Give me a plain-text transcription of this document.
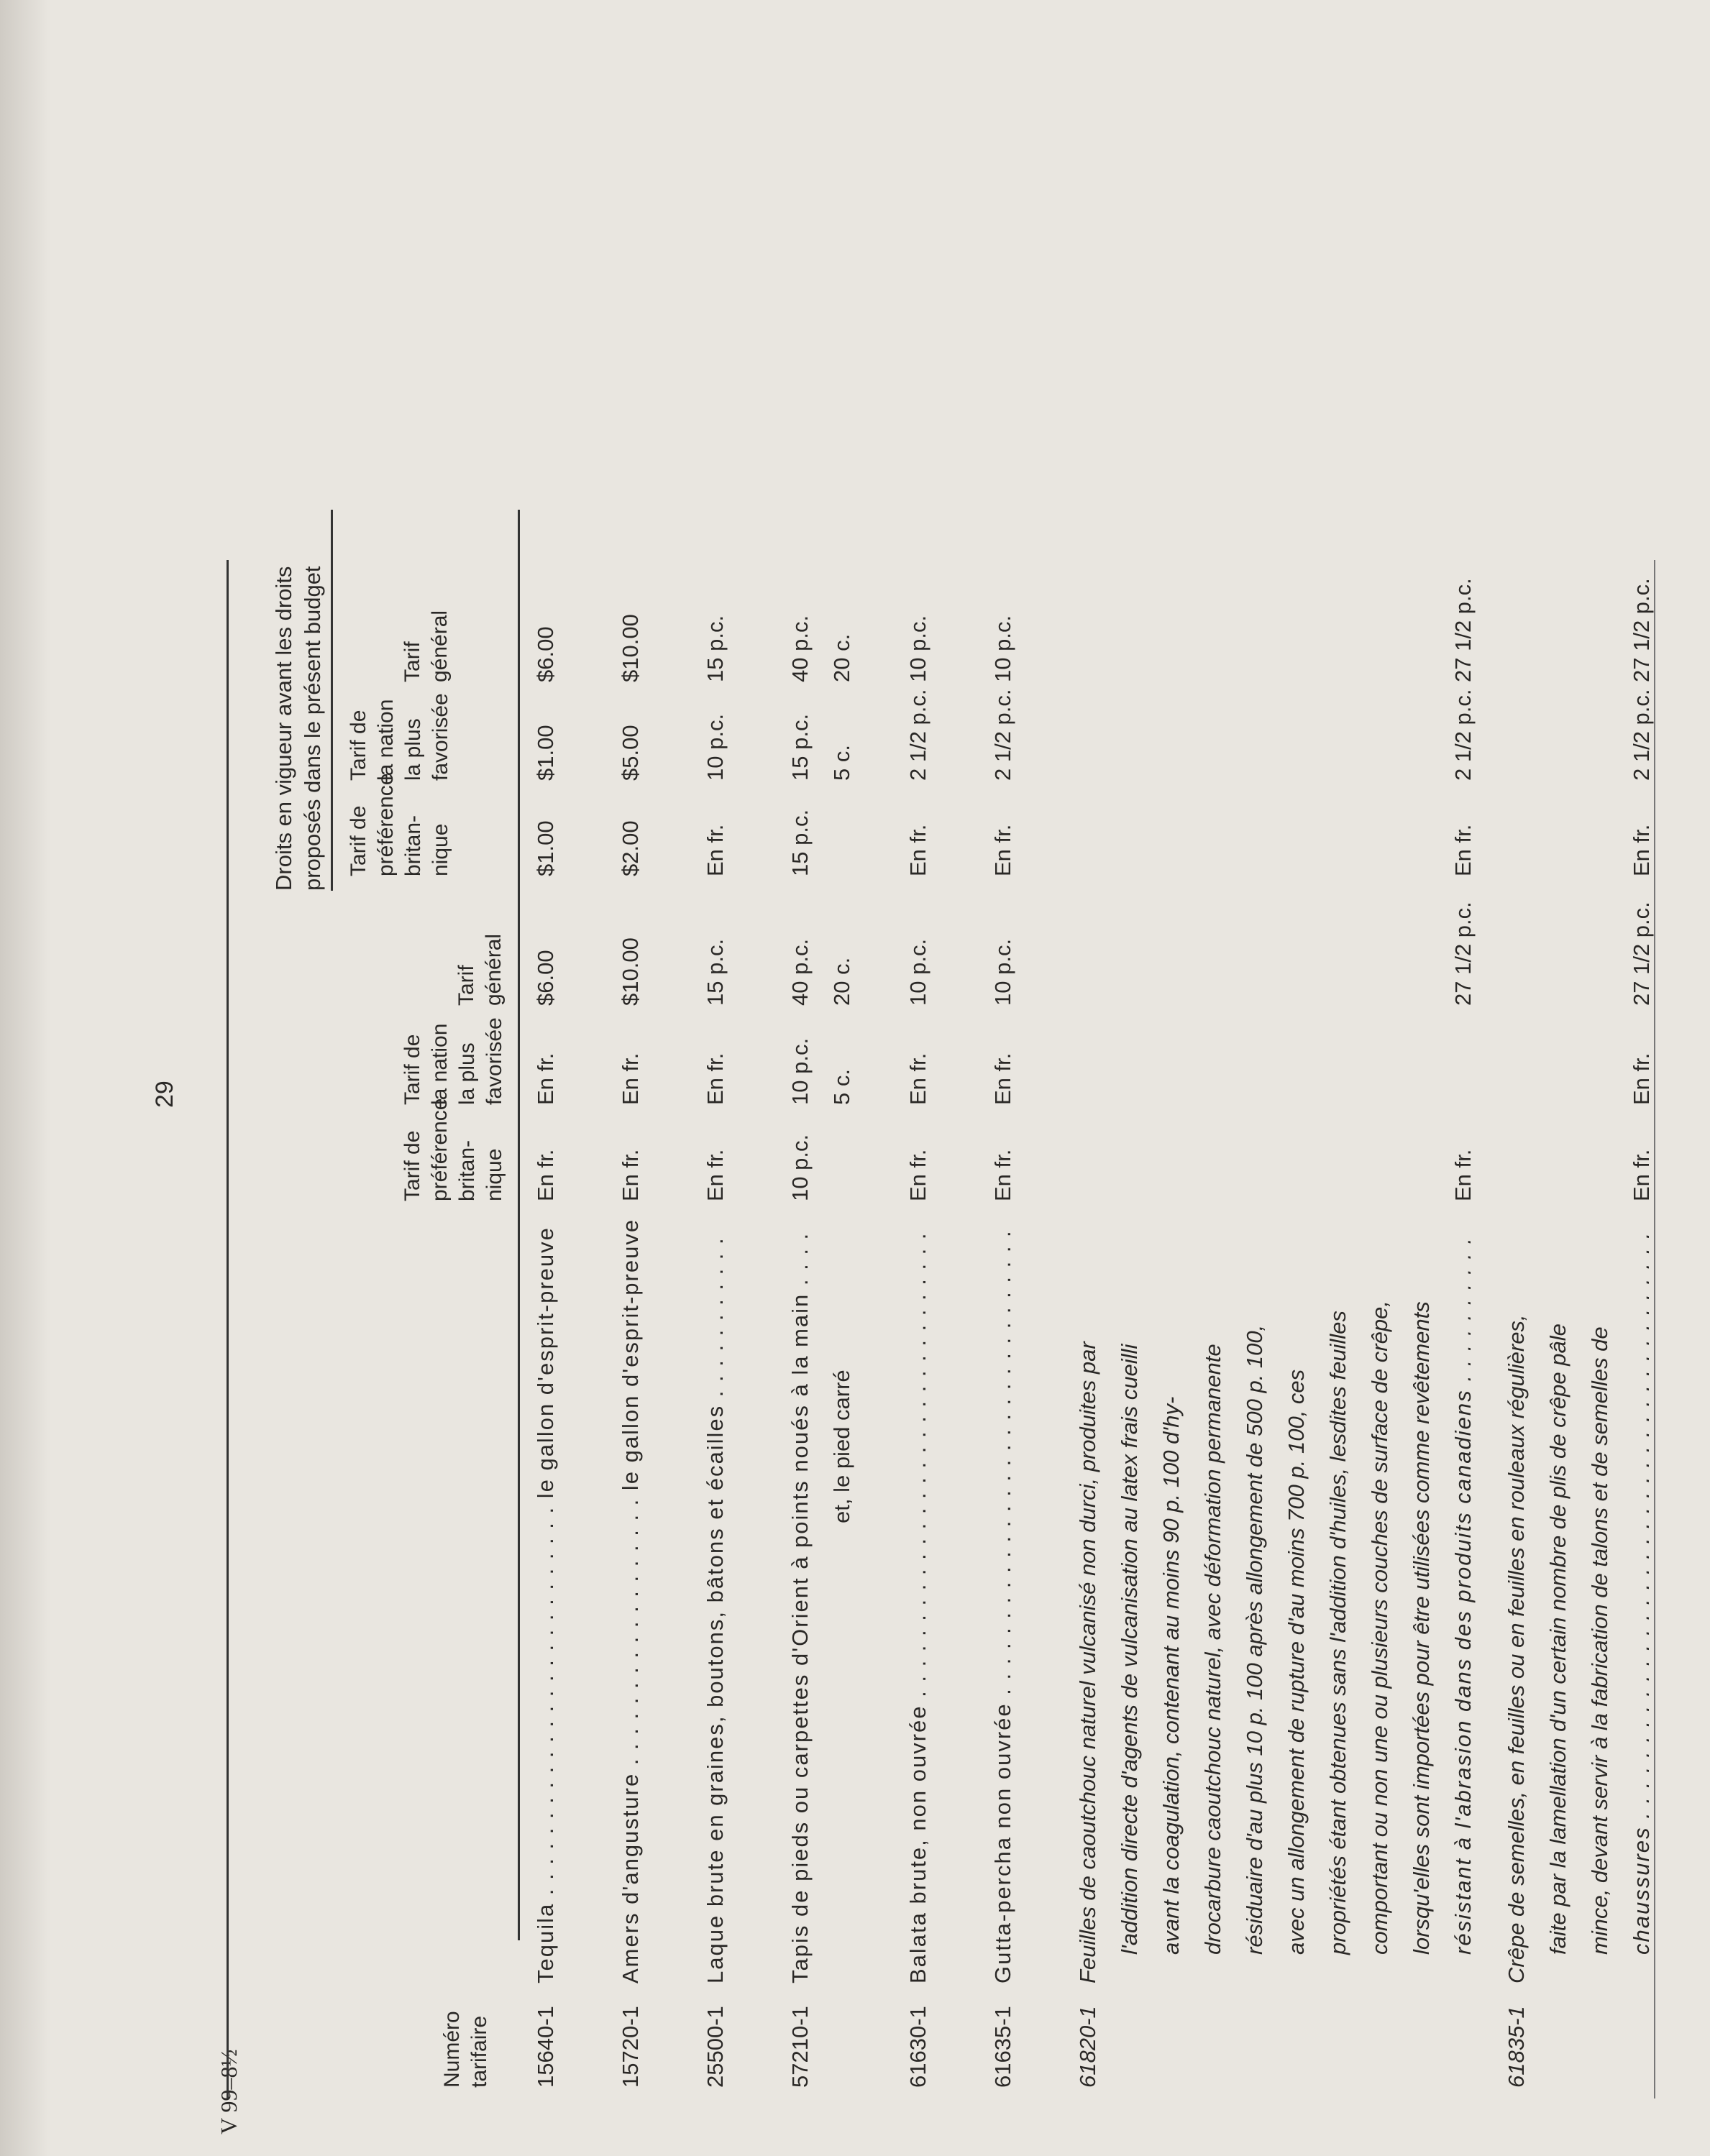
V 99–8½
29
Numéro tarifaire
Tarif de préférence britan- nique
Tarif de la nation la plus favorisée
Tarif général
Droits en vigueur avant les droits proposés dans le présent budget Tarif de préférence britan- nique
Tarif de la nation la plus favorisée
Tarif général
15640-1
Tequila . . . . . . . . . . . . . . . . . . . . . . . . . . le gallon d'esprit-preuve
En fr.
En fr.
$6.00
$1.00
$1.00
$6.00
15720-1
Amers d'angusture . . . . . . . . . . . . . . . . . . le gallon d'esprit-preuve
En fr.
En fr.
$10.00
$2.00
$5.00
$10.00
25500-1
Laque brute en graines, boutons, bâtons et écailles . . . . . . . . . . .
En fr.
En fr.
15 p.c.
En fr.
10 p.c.
15 p.c.
57210-1
Tapis de pieds ou carpettes d'Orient à points noués à la main . . . . et, le pied carré
10 p.c.
10 p.c. 5 c.
40 p.c. 20 c.
15 p.c.
15 p.c. 5 c.
40 p.c. 20 c.
61630-1
Balata brute, non ouvrée . . . . . . . . . . . . . . . . . . . . . . . . . . . . . . .
En fr.
En fr.
10 p.c.
En fr.
2 1/2 p.c.
10 p.c.
61635-1
Gutta-percha non ouvrée . . . . . . . . . . . . . . . . . . . . . . . . . . . . . . .
En fr.
En fr.
10 p.c.
En fr.
2 1/2 p.c.
10 p.c.
61820-1
Feuilles de caoutchouc naturel vulcanisé non durci, produites par l'addition directe d'agents de vulcanisation au latex frais cueilli avant la coagulation, contenant au moins 90 p. 100 d'hy- drocarbure caoutchouc naturel, avec déformation permanente résiduaire d'au plus 10 p. 100 après allongement de 500 p. 100, avec un allongement de rupture d'au moins 700 p. 100, ces propriétés étant obtenues sans l'addition d'huiles, lesdites feuilles comportant ou non une ou plusieurs couches de surface de crêpe, lorsqu'elles sont importées pour être utilisées comme revêtements résistant à l'abrasion dans des produits canadiens . . . . . . . . . .
En fr.
27 1/2 p.c.
En fr.
2 1/2 p.c.
27 1/2 p.c.
61835-1
Crêpe de semelles, en feuilles ou en feuilles en rouleaux régulières, faite par la lamellation d'un certain nombre de plis de crêpe pâle mince, devant servir à la fabrication de talons et de semelles de chaussures . . . . . . . . . . . . . . . . . . . . . . . . . . . . . . . . . . . . . . .
En fr.
En fr.
27 1/2 p.c.
En fr.
2 1/2 p.c.
27 1/2 p.c.
